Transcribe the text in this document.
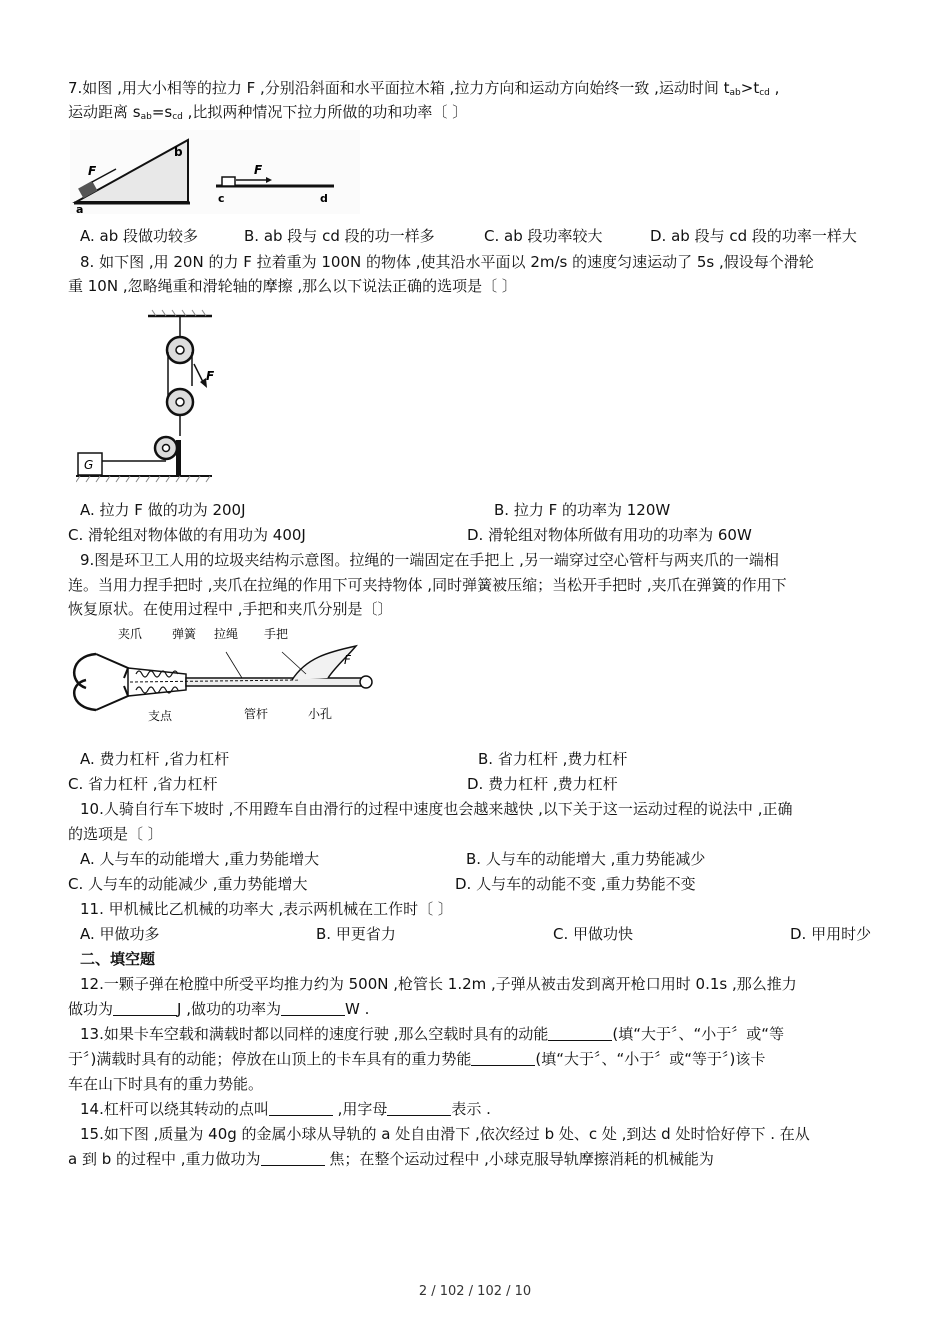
7.如图 ,用大小相等的拉力 F ,分别沿斜面和水平面拉木箱 ,拉力方向和运动方向始终一致 ,运动时间 $t_{ab}>t_{cd}$ ,
运动距离 $s_{ab}=s_{cd}$ ,比拟两种情况下拉力所做的功和功率〔 〕
F
b
a
F
c	d
A. ab 段做功较多	B. ab 段与 cd 段的功一样多	C. ab 段功率较大	D. ab 段与 cd 段的功率一样大
8. 如下图 ,用 20N 的力 F 拉着重为 100N 的物体 ,使其沿水平面以 2m/s 的速度匀速运动了 5s ,假设每个滑轮
重 10N ,忽略绳重和滑轮轴的摩擦 ,那么以下说法正确的选项是〔 〕
F
G
A. 拉力 F 做的功为 200J	B. 拉力 F 的功率为 120W
C. 滑轮组对物体做的有用功为 400J	D. 滑轮组对物体所做有用功的功率为 60W
9.图是环卫工人用的垃圾夹结构示意图。拉绳的一端固定在手把上 ,另一端穿过空心管杆与两夹爪的一端相
连。当用力捏手把时 ,夹爪在拉绳的作用下可夹持物体 ,同时弹簧被压缩；当松开手把时 ,夹爪在弹簧的作用下
恢复原状。在使用过程中 ,手把和夹爪分别是〔〕
夹爪 弹簧 拉绳 手把
F
支点	管杆	小孔
A. 费力杠杆 ,省力杠杆	B. 省力杠杆 ,费力杠杆
C. 省力杠杆 ,省力杠杆	D. 费力杠杆 ,费力杠杆
10.人骑自行车下坡时 ,不用蹬车自由滑行的过程中速度也会越来越快 ,以下关于这一运动过程的说法中 ,正确
的选项是〔 〕
A. 人与车的动能增大 ,重力势能增大	B. 人与车的动能增大 ,重力势能减少
C. 人与车的动能减少 ,重力势能增大	D. 人与车的动能不变 ,重力势能不变
11. 甲机械比乙机械的功率大 ,表示两机械在工作时〔 〕
A. 甲做功多	B. 甲更省力	C. 甲做功快	D. 甲用时少
二、填空题
12.一颗子弹在枪膛中所受平均推力约为 500N ,枪管长 1.2m ,子弹从被击发到离开枪口用时 0.1s ,那么推力
做功为	J ,做功的功率为	W .
13.如果卡车空载和满载时都以同样的速度行驶 ,那么空载时具有的动能	(填“大于〞、“小于〞或“等
于〞)满载时具有的动能；停放在山顶上的卡车具有的重力势能	(填“大于〞、“小于〞或“等于〞)该卡
车在山下时具有的重力势能。
14.杠杆可以绕其转动的点叫	,用字母	表示 .
15.如下图 ,质量为 40g 的金属小球从导轨的 a 处自由滑下 ,依次经过 b 处、c 处 ,到达 d 处时恰好停下 . 在从
a 到 b 的过程中 ,重力做功为	焦；在整个运动过程中 ,小球克服导轨摩擦消耗的机械能为
2 / 102 / 102 / 10
